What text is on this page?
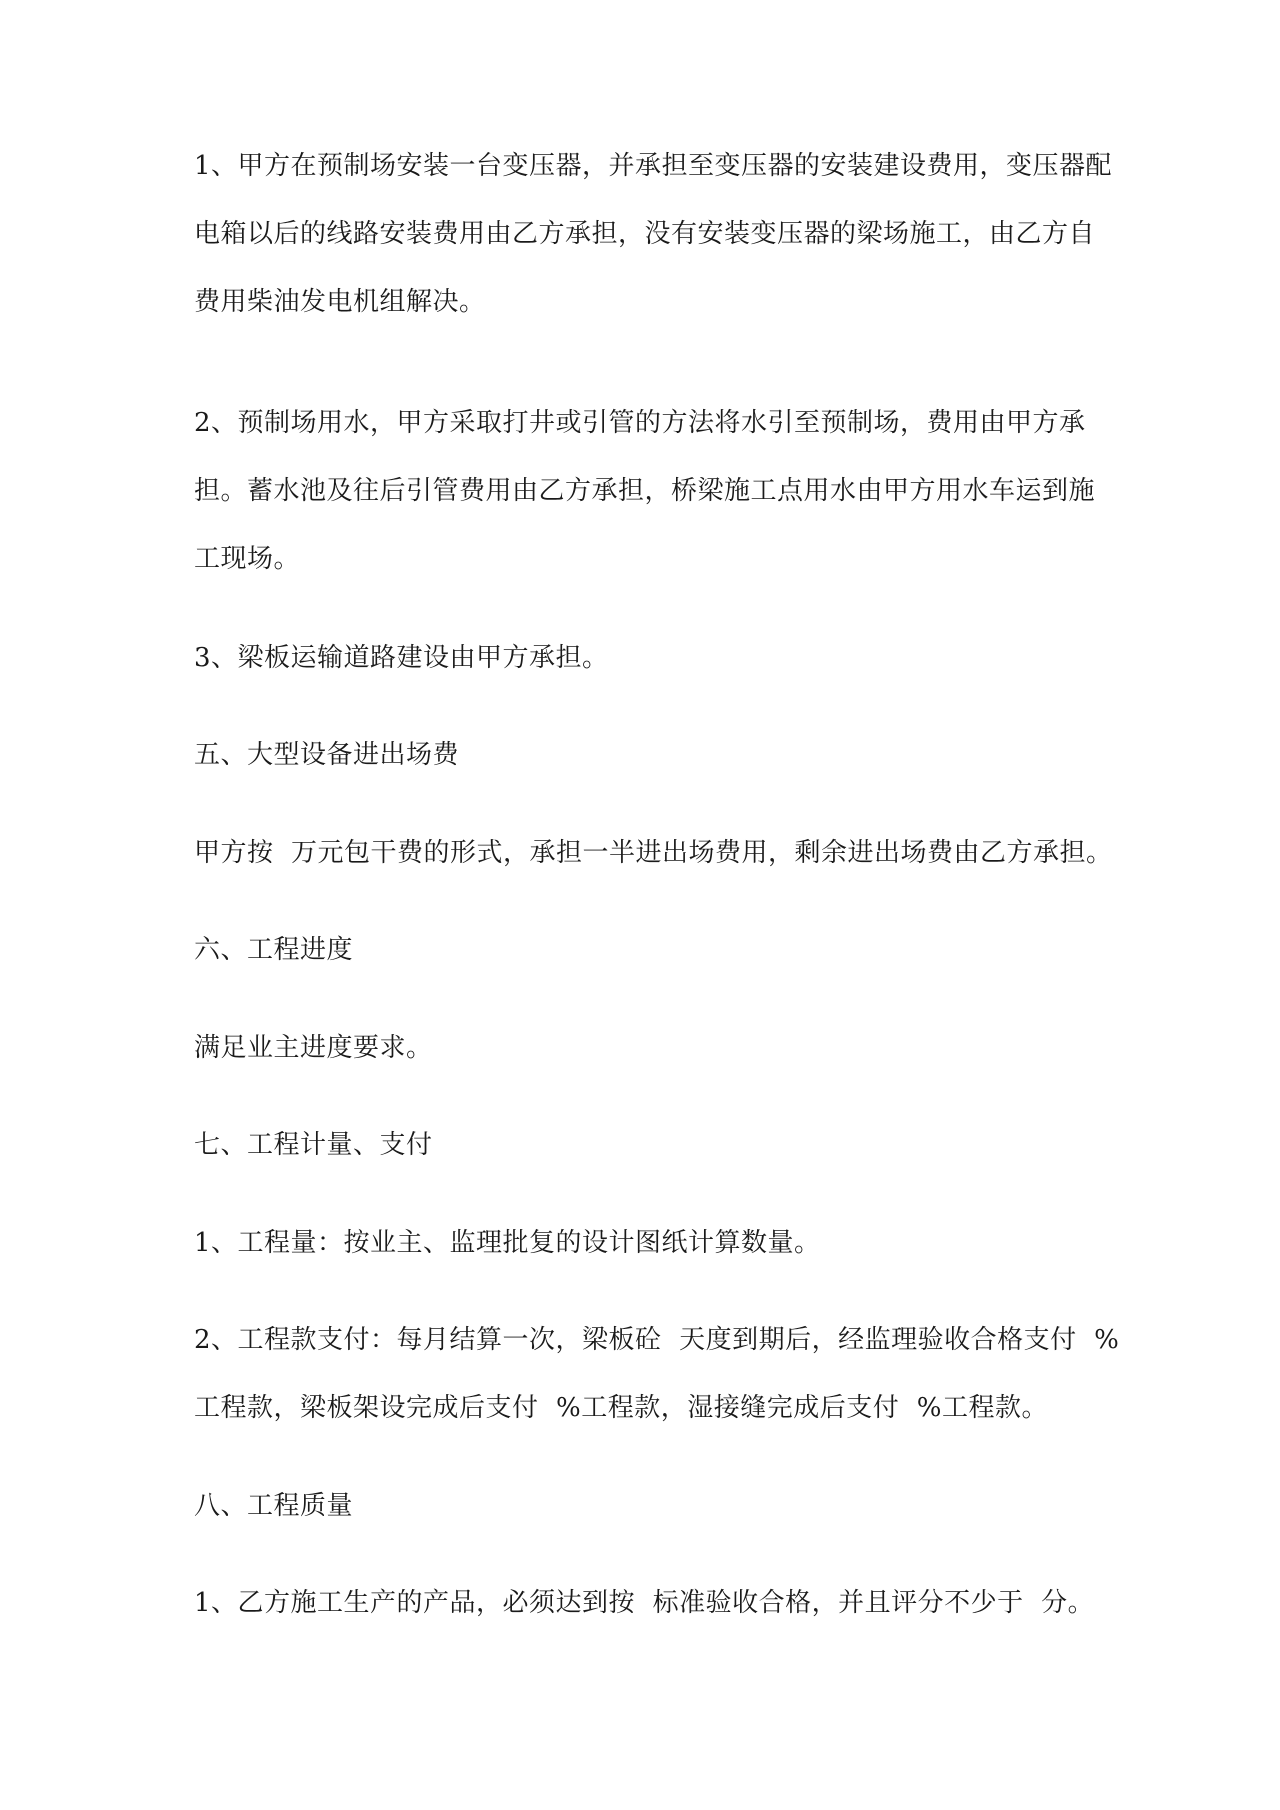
1、甲方在预制场安装一台变压器，并承担至变压器的安装建设费用，变压器配
电箱以后的线路安装费用由乙方承担，没有安装变压器的梁场施工，由乙方自
费用柴油发电机组解决。

2、预制场用水，甲方采取打井或引管的方法将水引至预制场，费用由甲方承
担。蓄水池及往后引管费用由乙方承担，桥梁施工点用水由甲方用水车运到施
工现场。

3、梁板运输道路建设由甲方承担。

五、大型设备进出场费

甲方按  万元包干费的形式，承担一半进出场费用，剩余进出场费由乙方承担。

六、工程进度

满足业主进度要求。

七、工程计量、支付

1、工程量：按业主、监理批复的设计图纸计算数量。

2、工程款支付：每月结算一次，梁板砼  天度到期后，经监理验收合格支付  %
工程款，梁板架设完成后支付  %工程款，湿接缝完成后支付  %工程款。

八、工程质量

1、乙方施工生产的产品，必须达到按  标准验收合格，并且评分不少于  分。
